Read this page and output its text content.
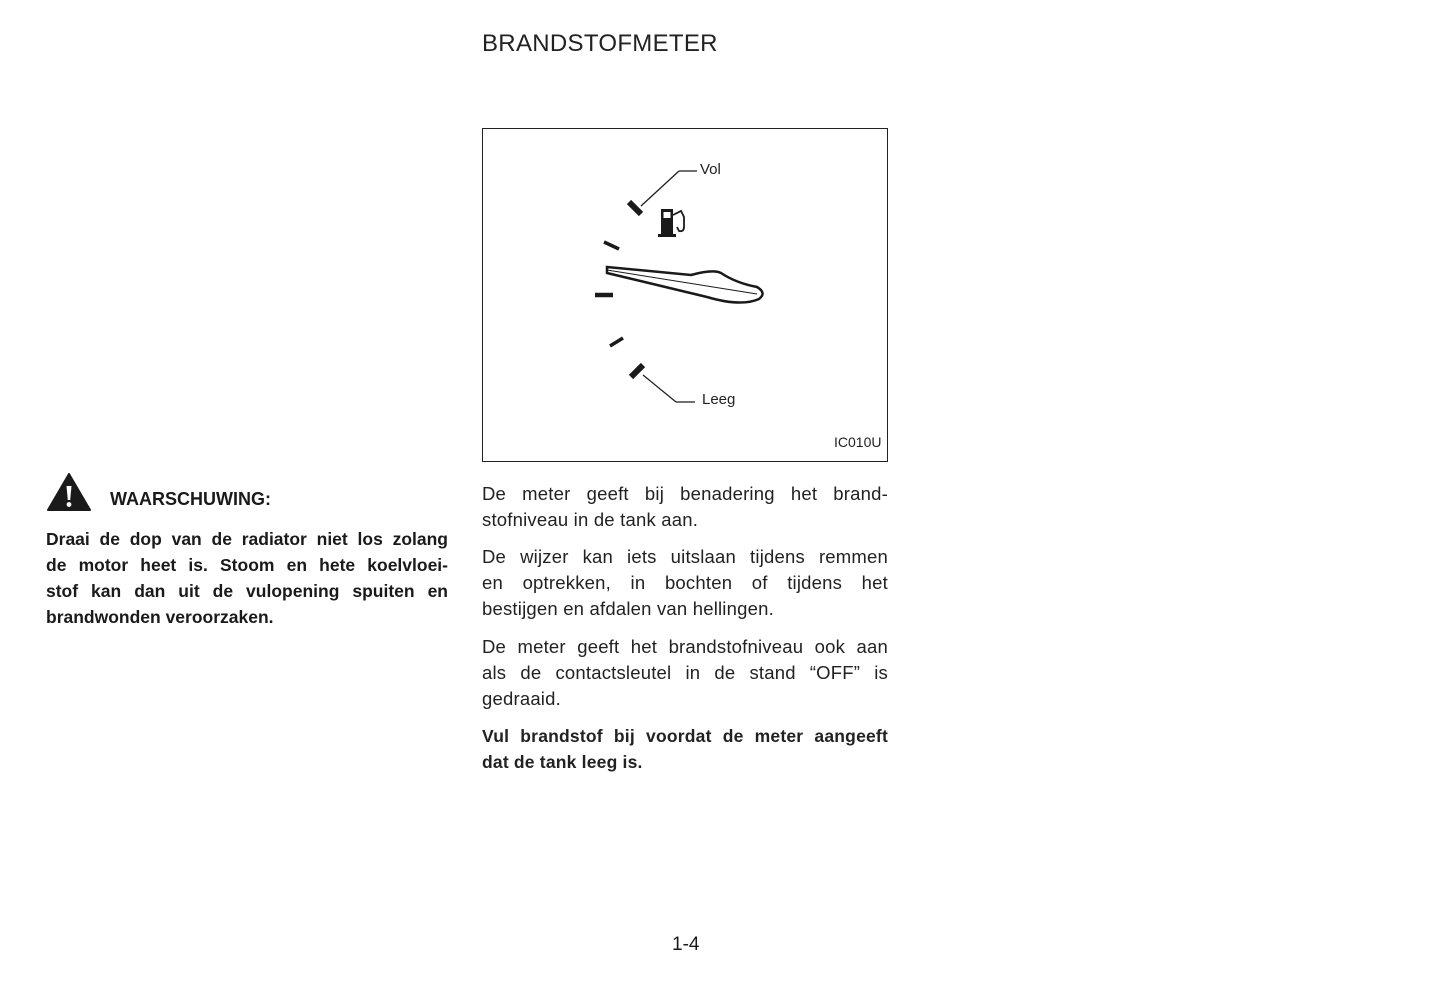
BRANDSTOFMETER
Vol
Leeg
IC010U
WAARSCHUWING:
Draai de dop van de radiator niet los zolang
de motor heet is. Stoom en hete koelvloei-
stof kan dan uit de vulopening spuiten en
brandwonden veroorzaken.
De meter geeft bij benadering het brand-
stofniveau in de tank aan.
De wijzer kan iets uitslaan tijdens remmen
en optrekken, in bochten of tijdens het
bestijgen en afdalen van hellingen.
De meter geeft het brandstofniveau ook aan
als de contactsleutel in de stand “OFF” is
gedraaid.
Vul brandstof bij voordat de meter aangeeft
dat de tank leeg is.
1-4
